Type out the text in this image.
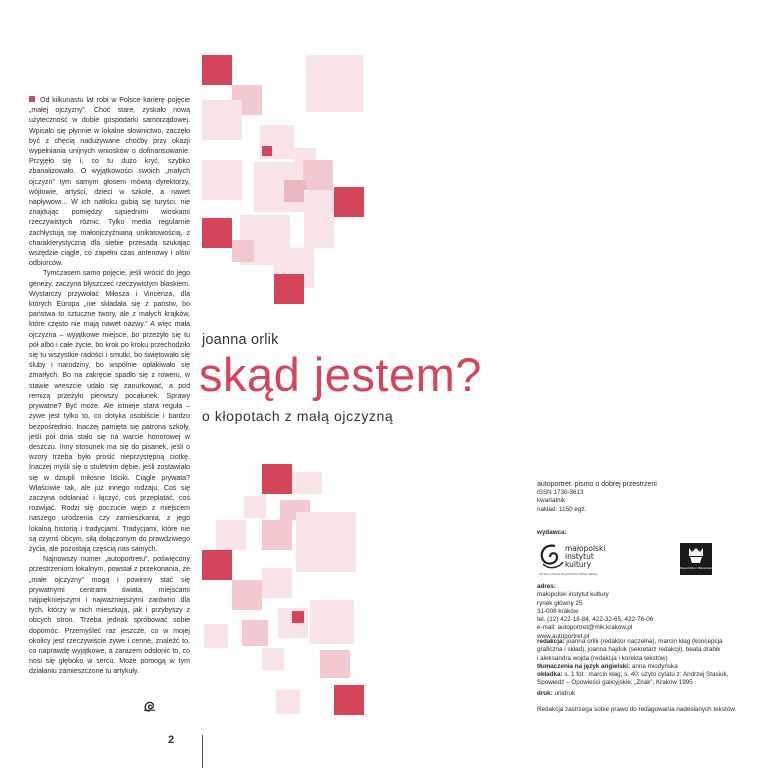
Od kilkunastu lat robi w Polsce karierę pojęcie „małej ojczyzny”. Choć stare, zyskało nową użyteczność w dobie gospodarki samorządowej. Wpisało się płynnie w lokalne słownictwo, zaczęło być z chęcią nadużywane choćby przy okazji wypełniania unijnych wniosków o dofinansowanie. Przyjęło się i, co tu dużo kryć, szybko zbanalizowało. O wyjątkowości swoich „małych ojczyzn” tym samym głosem mówią dyrektorzy, wójtowie, artyści, dzieci w szkole, a nawet napływowi... W ich natłoku gubią się turyści, nie znajdując pomiędzy sąsiednimi wioskami rzeczywistych różnic. Tylko media regularnie zachłystują się małoojczyźnianą unikatowością, z charakterystyczną dla siebie przesadą szukając wszędzie ciągle, co zapełni czas antenowy i olśni odbiorców.

Tymczasem samo pojęcie, jeśli wrócić do jego genezy, zaczyna błyszczeć rzeczywistym blaskiem. Wystarczy przywołać Miłosza i Vincenza, dla których Europa „nie składała się z państw, bo państwa to sztuczne twory, ale z małych krajków, które często nie mają nawet nazwy.” A więc mała ojczyzna – wyjątkowe miejsce, bo przeżyło się tu pół albo i całe życie, bo krok po kroku przechodziło się tu wszystkie radości i smutki, bo świętowało się śluby i narodziny, bo wspólnie opłakiwało się zmarłych. Bo na zakręcie spadło się z roweru, w stawie wreszcie udało się zanurkować, a pod remizą przeżyło pierwszy pocałunek. Sprawy prywatne? Być może. Ale istnieje stara reguła – żywe jest tylko to, co dotyka osobiście i bardzo bezpośrednio. Inaczej pamięta się patrona szkoły, jeśli pół dnia stało się na warcie honorowej w deszczu. Inny stosunek ma się do pisanek, jeśli o wzory trzeba było prosić nieprzystępną ciotkę. Inaczej myśli się o stuletnim dębie, jeśli zostawiało się w dziupli miłosne liściki. Ciągle prywata? Właściwie tak, ale już innego rodzaju. Coś się zaczyna odsłaniać i łączyć, coś przeplatać, coś rozwijać. Rodzi się poczucie więzi z miejscem naszego urodzenia czy zamieszkania, z jego lokalną historią i tradycjami. Tradycjami, które nie są czymś obcym, siłą dołączonym do prawdziwego życia, ale pozostają częścią nas samych.

Najnowszy numer „autoportretu”, poświęcony przestrzeniom lokalnym, powstał z przekonania, że „małe ojczyzny” mogą i powinny stać się prywatnymi centrami świata, miejscami najpiękniejszymi i najważniejszymi zarówno dla tych, którzy w nich mieszkają, jak i przybyszy z obcych stron. Trzeba jednak spróbować sobie dopomóc. Przemyśleć raz jeszcze, co w mojej okolicy jest rzeczywiście żywe i cenne, znaleźć to, co naprawdę wyjątkowe, a zarazem odsłonić to, co nosi się głęboko w sercu. Może pomogą w tym działaniu zamieszczone tu artykuły.

2
joanna orlik
skąd jestem?
o kłopotach z małą ojczyzną
autoportret. pismo o dobrej przestrzeni
ISSN 1730-3613
kwartalnik
nakład: 1150 egz.
wydawca:
małopolski
instytut
kultury
Wydawca Pisma Województwa Małopolskiego
Województwo Małopolskie
adres:
małopolski instytut kultury
rynek główny 25
31-008 kraków
tel. (12) 422-18-84, 422-32-65, 422-76-06
e-mail: autoportret@mik.krakow.pl
www.autoportret.pl
redakcja: joanna orlik (redaktor naczelna), marcin kłag (koncepcja
graficzna i skład), joanna hajduk (sekretarz redakcji), beata drabik
i aleksandra wojda (redakcja i korekta tekstów)
tłumaczenia na język angielski: anna miodyńska
okładka: s. 1 fot.: marcin kłag; s. 40: użyto cytatu z: Andrzej Stasiuk,
Spowiedź – Opowieści galicyjskie, „Znak”, Kraków 1995
druk: unidruk
Redakcja zastrzega sobie prawo do redagowania nadesłanych tekstów.
